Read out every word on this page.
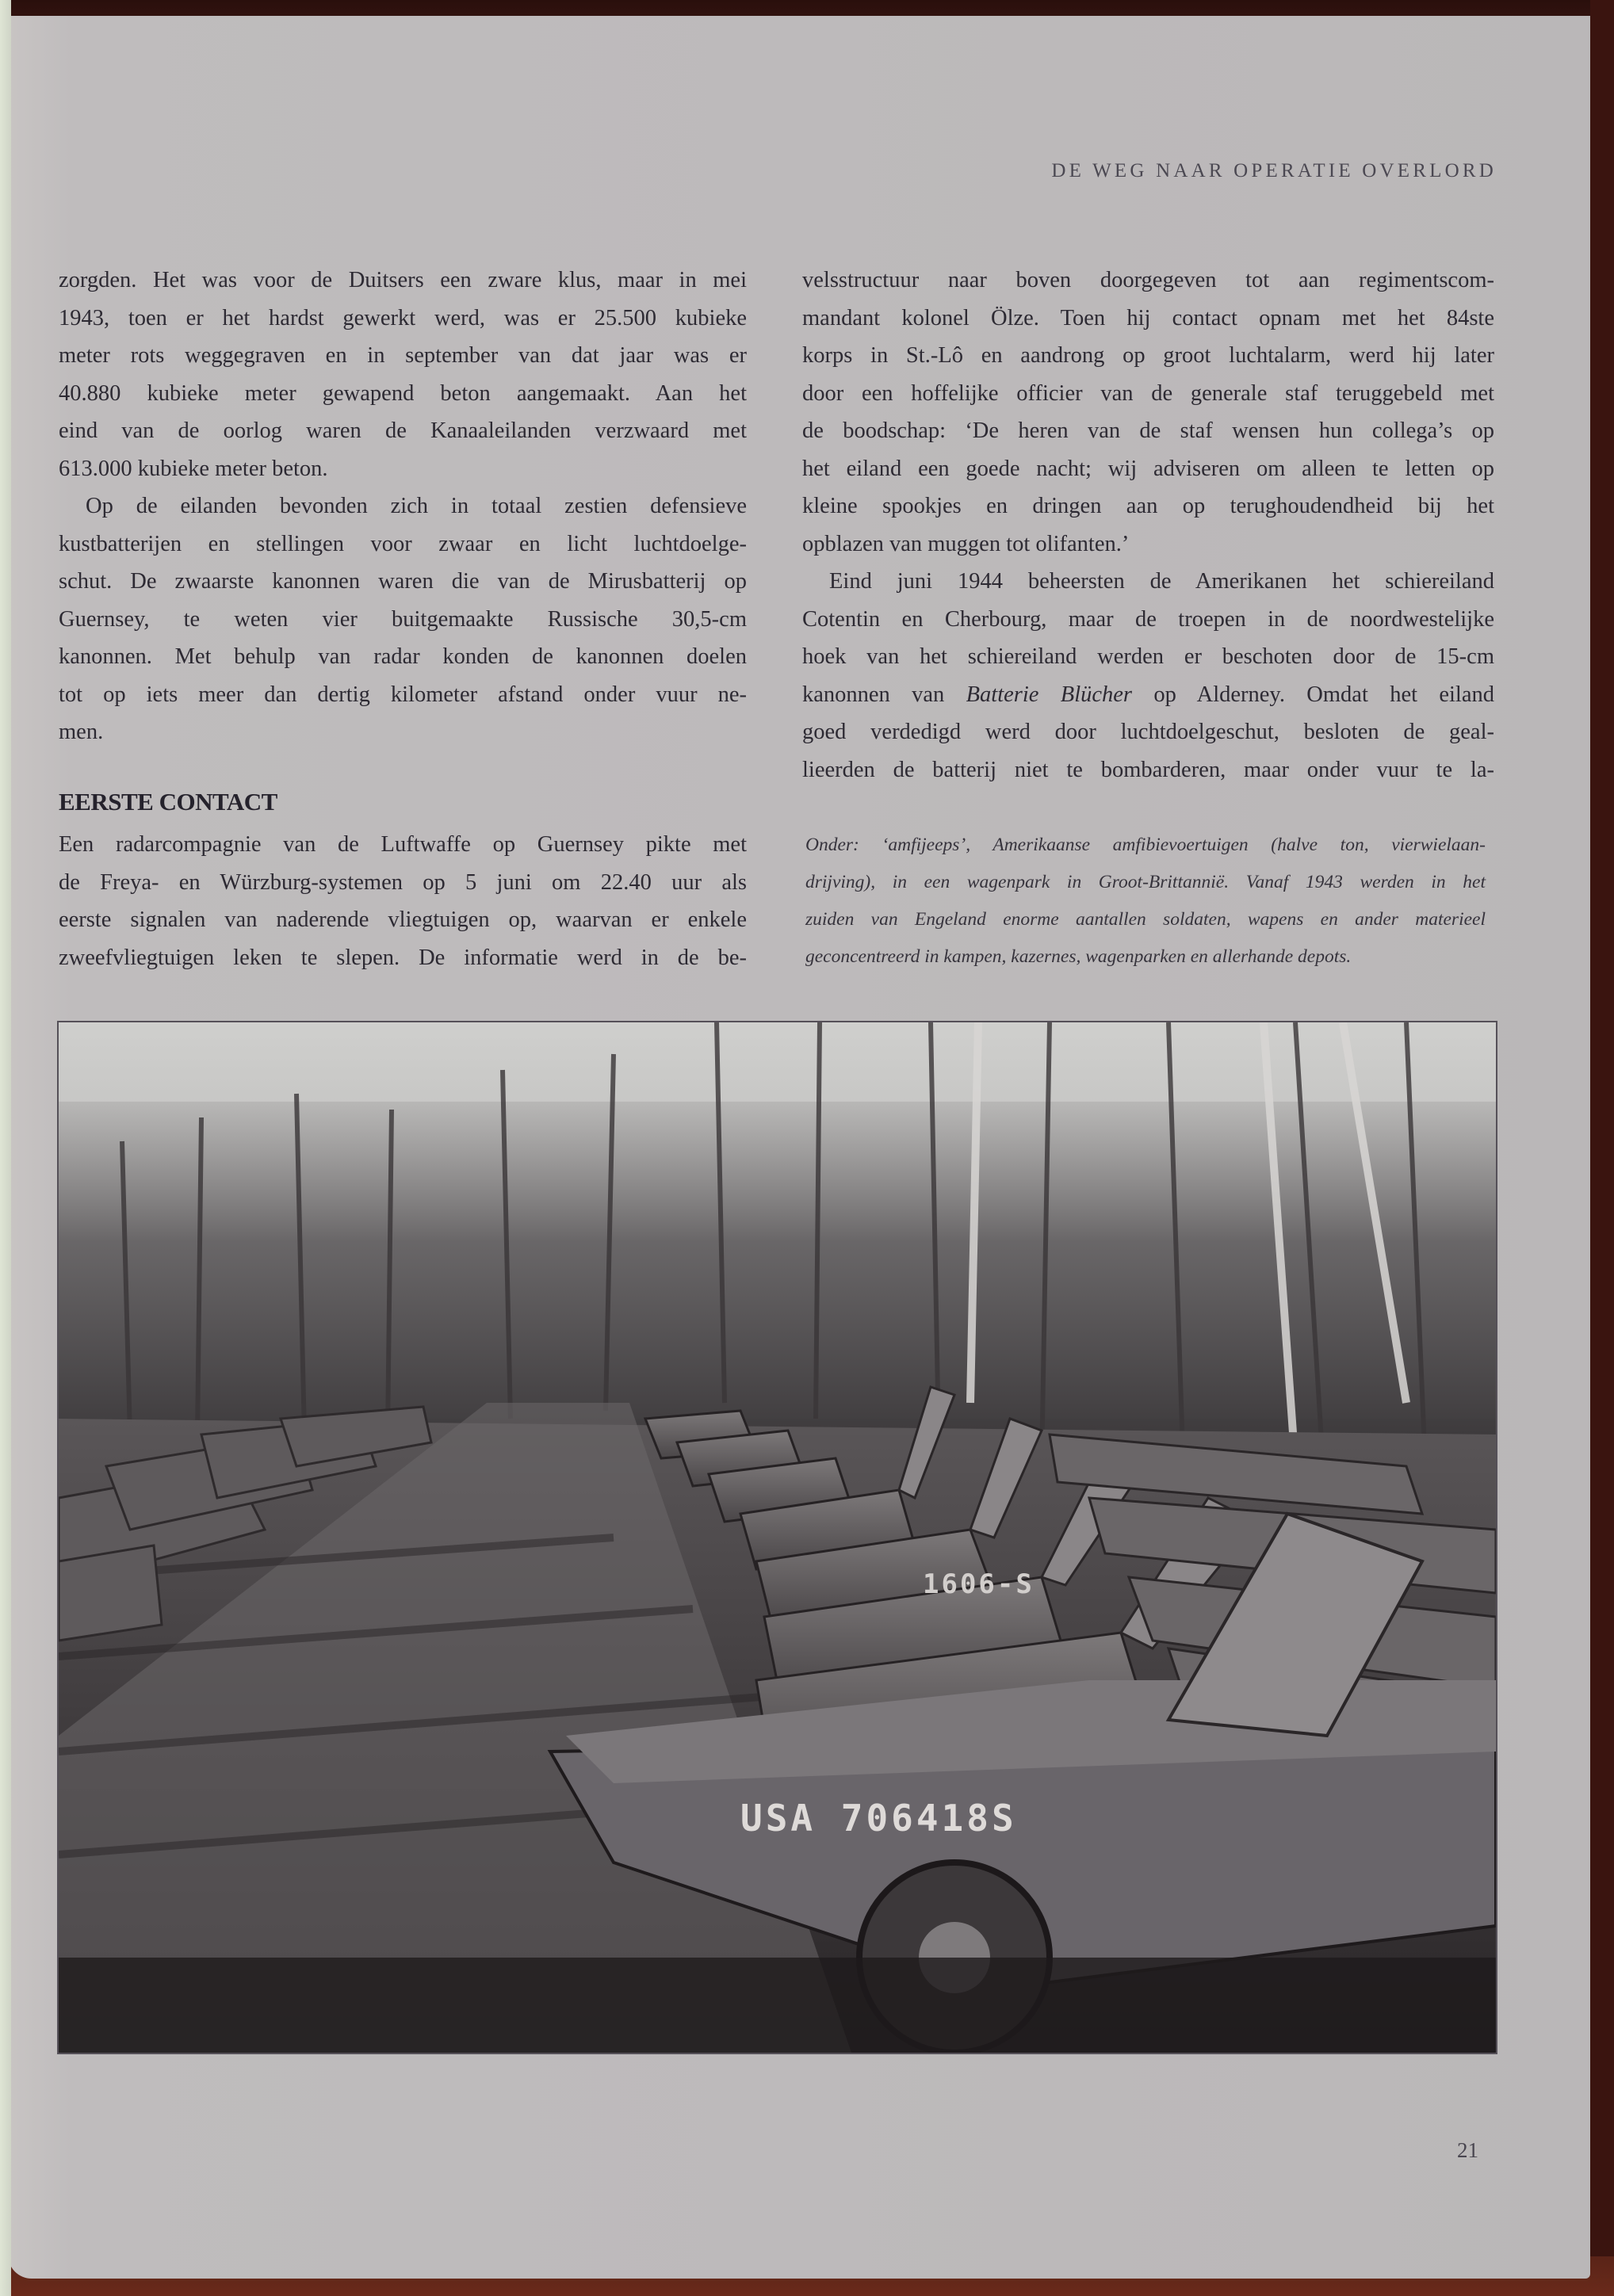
DE WEG NAAR OPERATIE OVERLORD
zorgden. Het was voor de Duitsers een zware klus, maar in mei
1943, toen er het hardst gewerkt werd, was er 25.500 kubieke
meter rots weggegraven en in september van dat jaar was er
40.880 kubieke meter gewapend beton aangemaakt. Aan het
eind van de oorlog waren de Kanaaleilanden verzwaard met
613.000 kubieke meter beton.
Op de eilanden bevonden zich in totaal zestien defensieve
kustbatterijen en stellingen voor zwaar en licht luchtdoelge-
schut. De zwaarste kanonnen waren die van de Mirusbatterij op
Guernsey, te weten vier buitgemaakte Russische 30,5-cm
kanonnen. Met behulp van radar konden de kanonnen doelen
tot op iets meer dan dertig kilometer afstand onder vuur ne-
men.
EERSTE CONTACT
Een radarcompagnie van de Luftwaffe op Guernsey pikte met
de Freya- en Würzburg-systemen op 5 juni om 22.40 uur als
eerste signalen van naderende vliegtuigen op, waarvan er enkele
zweefvliegtuigen leken te slepen. De informatie werd in de be-
velsstructuur naar boven doorgegeven tot aan regimentscom-
mandant kolonel Ölze. Toen hij contact opnam met het 84ste
korps in St.-Lô en aandrong op groot luchtalarm, werd hij later
door een hoffelijke officier van de generale staf teruggebeld met
de boodschap: ‘De heren van de staf wensen hun collega’s op
het eiland een goede nacht; wij adviseren om alleen te letten op
kleine spookjes en dringen aan op terughoudendheid bij het
opblazen van muggen tot olifanten.’
Eind juni 1944 beheersten de Amerikanen het schiereiland
Cotentin en Cherbourg, maar de troepen in de noordwestelijke
hoek van het schiereiland werden er beschoten door de 15-cm
kanonnen van Batterie Blücher op Alderney. Omdat het eiland
goed verdedigd werd door luchtdoelgeschut, besloten de geal-
lieerden de batterij niet te bombarderen, maar onder vuur te la-
Onder: ‘amfijeeps’, Amerikaanse amfibievoertuigen (halve ton, vierwielaan-
drijving), in een wagenpark in Groot-Brittannië. Vanaf 1943 werden in het
zuiden van Engeland enorme aantallen soldaten, wapens en ander materieel
geconcentreerd in kampen, kazernes, wagenparken en allerhande depots.
USA 706418S
1606-S
21
